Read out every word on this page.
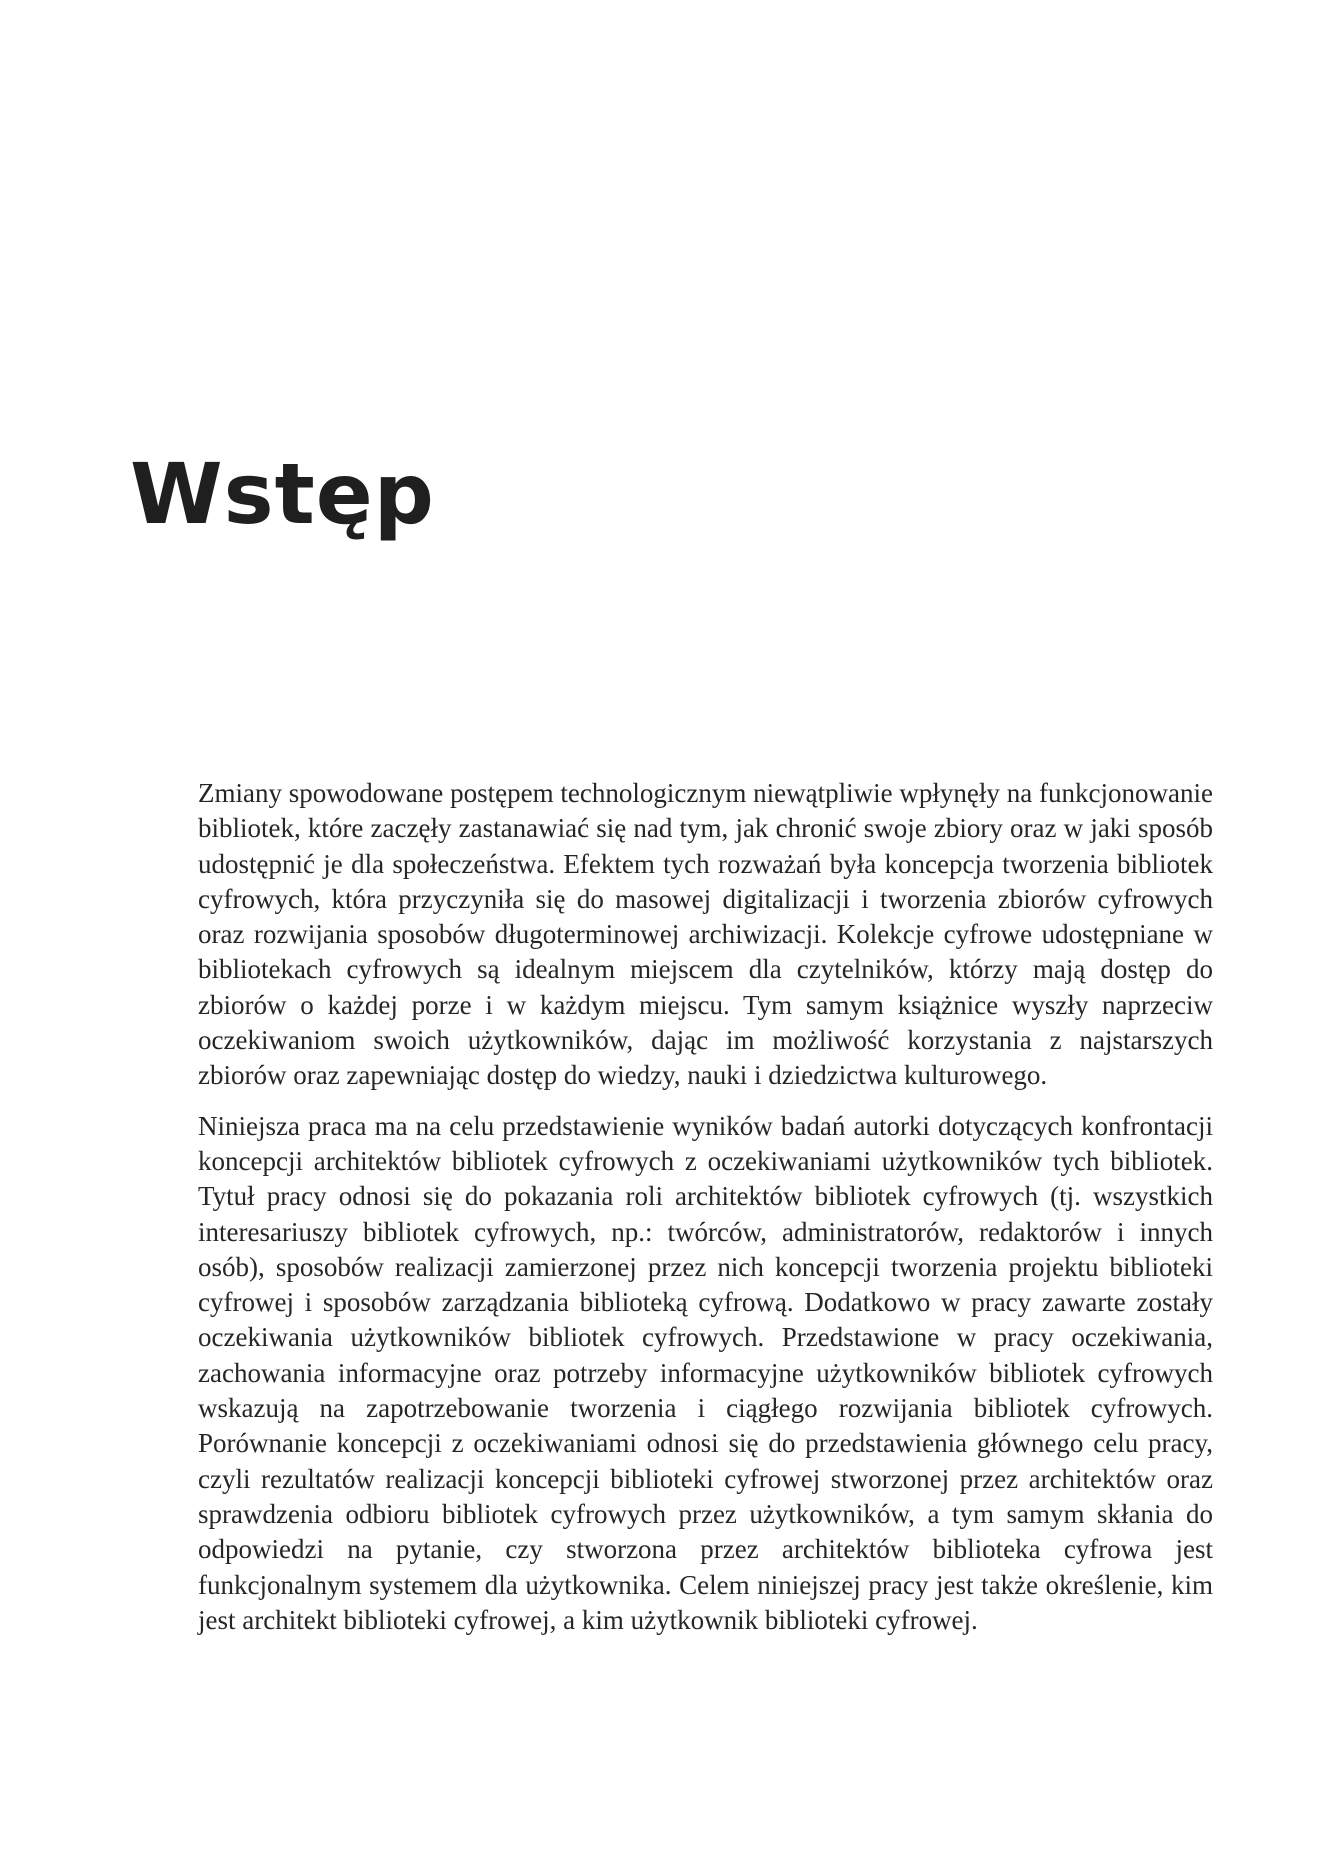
Wstęp

Zmiany spowodowane postępem technologicznym niewątpliwie wpłynęły na funkcjonowanie bibliotek, które zaczęły zastanawiać się nad tym, jak chronić swoje zbiory oraz w jaki sposób udostępnić je dla społeczeństwa. Efektem tych rozważań była koncepcja tworzenia bibliotek cyfrowych, która przyczyniła się do masowej digitalizacji i tworzenia zbiorów cyfrowych oraz rozwijania sposobów długoterminowej archiwizacji. Kolekcje cyfrowe udostępniane w bibliotekach cyfrowych są idealnym miejscem dla czytelników, którzy mają dostęp do zbiorów o każdej porze i w każdym miejscu. Tym samym książnice wyszły naprzeciw oczekiwaniom swoich użytkowników, dając im możliwość korzystania z najstarszych zbiorów oraz zapewniając dostęp do wiedzy, nauki i dziedzictwa kulturowego.

Niniejsza praca ma na celu przedstawienie wyników badań autorki dotyczących konfrontacji koncepcji architektów bibliotek cyfrowych z oczekiwaniami użytkowników tych bibliotek. Tytuł pracy odnosi się do pokazania roli architektów bibliotek cyfrowych (tj. wszystkich interesariuszy bibliotek cyfrowych, np.: twórców, administratorów, redaktorów i innych osób), sposobów realizacji zamierzonej przez nich koncepcji tworzenia projektu biblioteki cyfrowej i sposobów zarządzania biblioteką cyfrową. Dodatkowo w pracy zawarte zostały oczekiwania użytkowników bibliotek cyfrowych. Przedstawione w pracy oczekiwania, zachowania informacyjne oraz potrzeby informacyjne użytkowników bibliotek cyfrowych wskazują na zapotrzebowanie tworzenia i ciągłego rozwijania bibliotek cyfrowych. Porównanie koncepcji z oczekiwaniami odnosi się do przedstawienia głównego celu pracy, czyli rezultatów realizacji koncepcji biblioteki cyfrowej stworzonej przez architektów oraz sprawdzenia odbioru bibliotek cyfrowych przez użytkowników, a tym samym skłania do odpowiedzi na pytanie, czy stworzona przez architektów biblioteka cyfrowa jest funkcjonalnym systemem dla użytkownika. Celem niniejszej pracy jest także określenie, kim jest architekt biblioteki cyfrowej, a kim użytkownik biblioteki cyfrowej.
